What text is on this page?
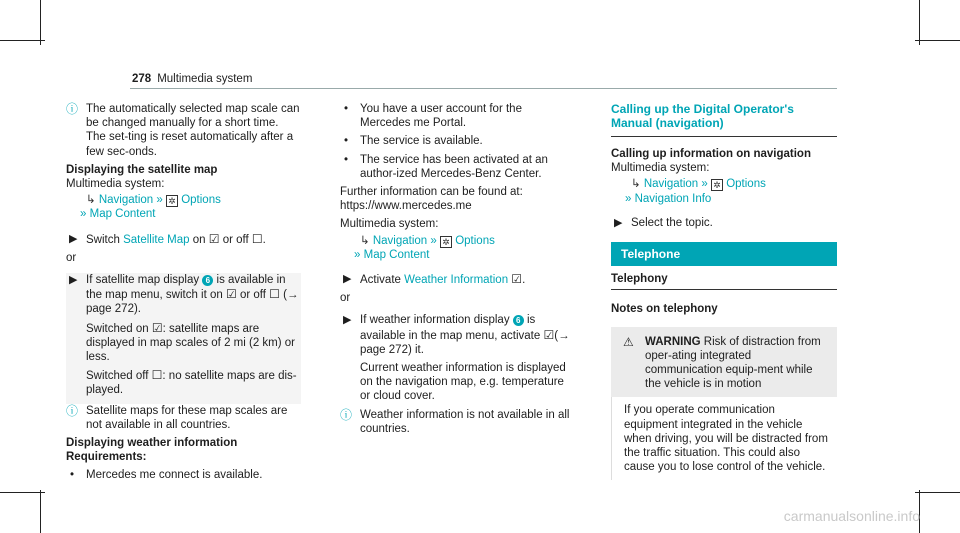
278 Multimedia system

ⓘ The automatically selected map scale can be changed manually for a short time. The set-ting is reset automatically after a few sec-onds.

Displaying the satellite map

Multimedia system:

↳ Navigation » ✲ Options

» Map Content

▶ Switch Satellite Map on ☑ or off ☐.

or

▶ If satellite map display 6 is available in the map menu, switch it on ☑ or off ☐ (→ page 272).

Switched on ☑: satellite maps are displayed in map scales of 2 mi (2 km) or less.

Switched off ☐: no satellite maps are dis-played.

ⓘ Satellite maps for these map scales are not available in all countries.

Displaying weather information

Requirements:

• Mercedes me connect is available.

• You have a user account for the Mercedes me Portal.

• The service is available.

• The service has been activated at an author-ized Mercedes-Benz Center.

Further information can be found at: https://www.mercedes.me

Multimedia system:

↳ Navigation » ✲ Options

» Map Content

▶ Activate Weather Information ☑.

or

▶ If weather information display 6 is available in the map menu, activate ☑(→ page 272) it.

Current weather information is displayed on the navigation map, e.g. temperature or cloud cover.

ⓘ Weather information is not available in all countries.

Calling up the Digital Operator's Manual (navigation)

Calling up information on navigation

Multimedia system:

↳ Navigation » ✲ Options

» Navigation Info

▶ Select the topic.

Telephone
Telephony

Notes on telephony

⚠ WARNING Risk of distraction from oper-ating integrated communication equip-ment while the vehicle is in motion
If you operate communication equipment integrated in the vehicle when driving, you will be distracted from the traffic situation. This could also cause you to lose control of the vehicle.
carmanualsonline.info
